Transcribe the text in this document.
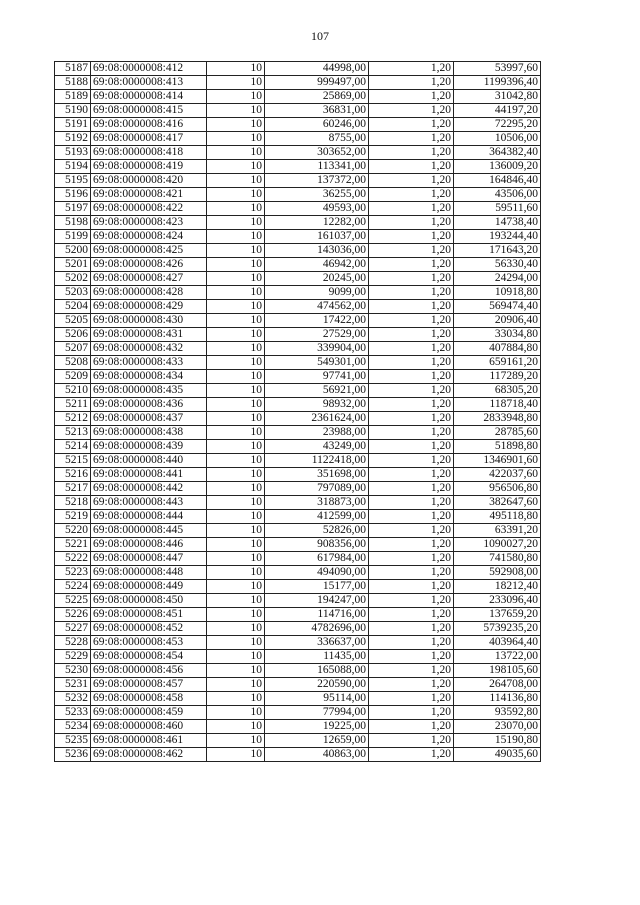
107
5187	69:08:0000008:412	10	44998,00	1,20	53997,60
5188	69:08:0000008:413	10	999497,00	1,20	1199396,40
5189	69:08:0000008:414	10	25869,00	1,20	31042,80
5190	69:08:0000008:415	10	36831,00	1,20	44197,20
5191	69:08:0000008:416	10	60246,00	1,20	72295,20
5192	69:08:0000008:417	10	8755,00	1,20	10506,00
5193	69:08:0000008:418	10	303652,00	1,20	364382,40
5194	69:08:0000008:419	10	113341,00	1,20	136009,20
5195	69:08:0000008:420	10	137372,00	1,20	164846,40
5196	69:08:0000008:421	10	36255,00	1,20	43506,00
5197	69:08:0000008:422	10	49593,00	1,20	59511,60
5198	69:08:0000008:423	10	12282,00	1,20	14738,40
5199	69:08:0000008:424	10	161037,00	1,20	193244,40
5200	69:08:0000008:425	10	143036,00	1,20	171643,20
5201	69:08:0000008:426	10	46942,00	1,20	56330,40
5202	69:08:0000008:427	10	20245,00	1,20	24294,00
5203	69:08:0000008:428	10	9099,00	1,20	10918,80
5204	69:08:0000008:429	10	474562,00	1,20	569474,40
5205	69:08:0000008:430	10	17422,00	1,20	20906,40
5206	69:08:0000008:431	10	27529,00	1,20	33034,80
5207	69:08:0000008:432	10	339904,00	1,20	407884,80
5208	69:08:0000008:433	10	549301,00	1,20	659161,20
5209	69:08:0000008:434	10	97741,00	1,20	117289,20
5210	69:08:0000008:435	10	56921,00	1,20	68305,20
5211	69:08:0000008:436	10	98932,00	1,20	118718,40
5212	69:08:0000008:437	10	2361624,00	1,20	2833948,80
5213	69:08:0000008:438	10	23988,00	1,20	28785,60
5214	69:08:0000008:439	10	43249,00	1,20	51898,80
5215	69:08:0000008:440	10	1122418,00	1,20	1346901,60
5216	69:08:0000008:441	10	351698,00	1,20	422037,60
5217	69:08:0000008:442	10	797089,00	1,20	956506,80
5218	69:08:0000008:443	10	318873,00	1,20	382647,60
5219	69:08:0000008:444	10	412599,00	1,20	495118,80
5220	69:08:0000008:445	10	52826,00	1,20	63391,20
5221	69:08:0000008:446	10	908356,00	1,20	1090027,20
5222	69:08:0000008:447	10	617984,00	1,20	741580,80
5223	69:08:0000008:448	10	494090,00	1,20	592908,00
5224	69:08:0000008:449	10	15177,00	1,20	18212,40
5225	69:08:0000008:450	10	194247,00	1,20	233096,40
5226	69:08:0000008:451	10	114716,00	1,20	137659,20
5227	69:08:0000008:452	10	4782696,00	1,20	5739235,20
5228	69:08:0000008:453	10	336637,00	1,20	403964,40
5229	69:08:0000008:454	10	11435,00	1,20	13722,00
5230	69:08:0000008:456	10	165088,00	1,20	198105,60
5231	69:08:0000008:457	10	220590,00	1,20	264708,00
5232	69:08:0000008:458	10	95114,00	1,20	114136,80
5233	69:08:0000008:459	10	77994,00	1,20	93592,80
5234	69:08:0000008:460	10	19225,00	1,20	23070,00
5235	69:08:0000008:461	10	12659,00	1,20	15190,80
5236	69:08:0000008:462	10	40863,00	1,20	49035,60
